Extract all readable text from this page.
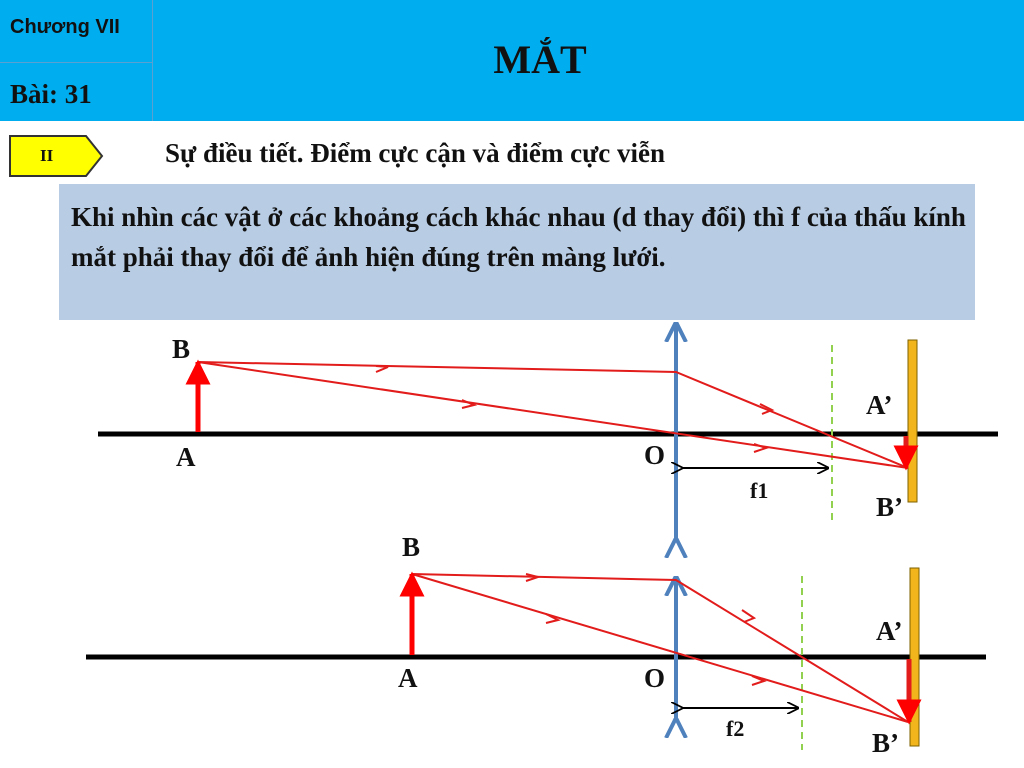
Chương VII
Bài: 31
MẮT
II	Sự điều tiết. Điểm cực cận và điểm cực viễn
Khi nhìn các vật ở các khoảng cách khác nhau (d thay đổi) thì f của thấu kính mắt phải thay đổi để ảnh hiện đúng trên màng lưới.
B
A	O
f1
A’
B’
B
A	O
f2
A’
B’
